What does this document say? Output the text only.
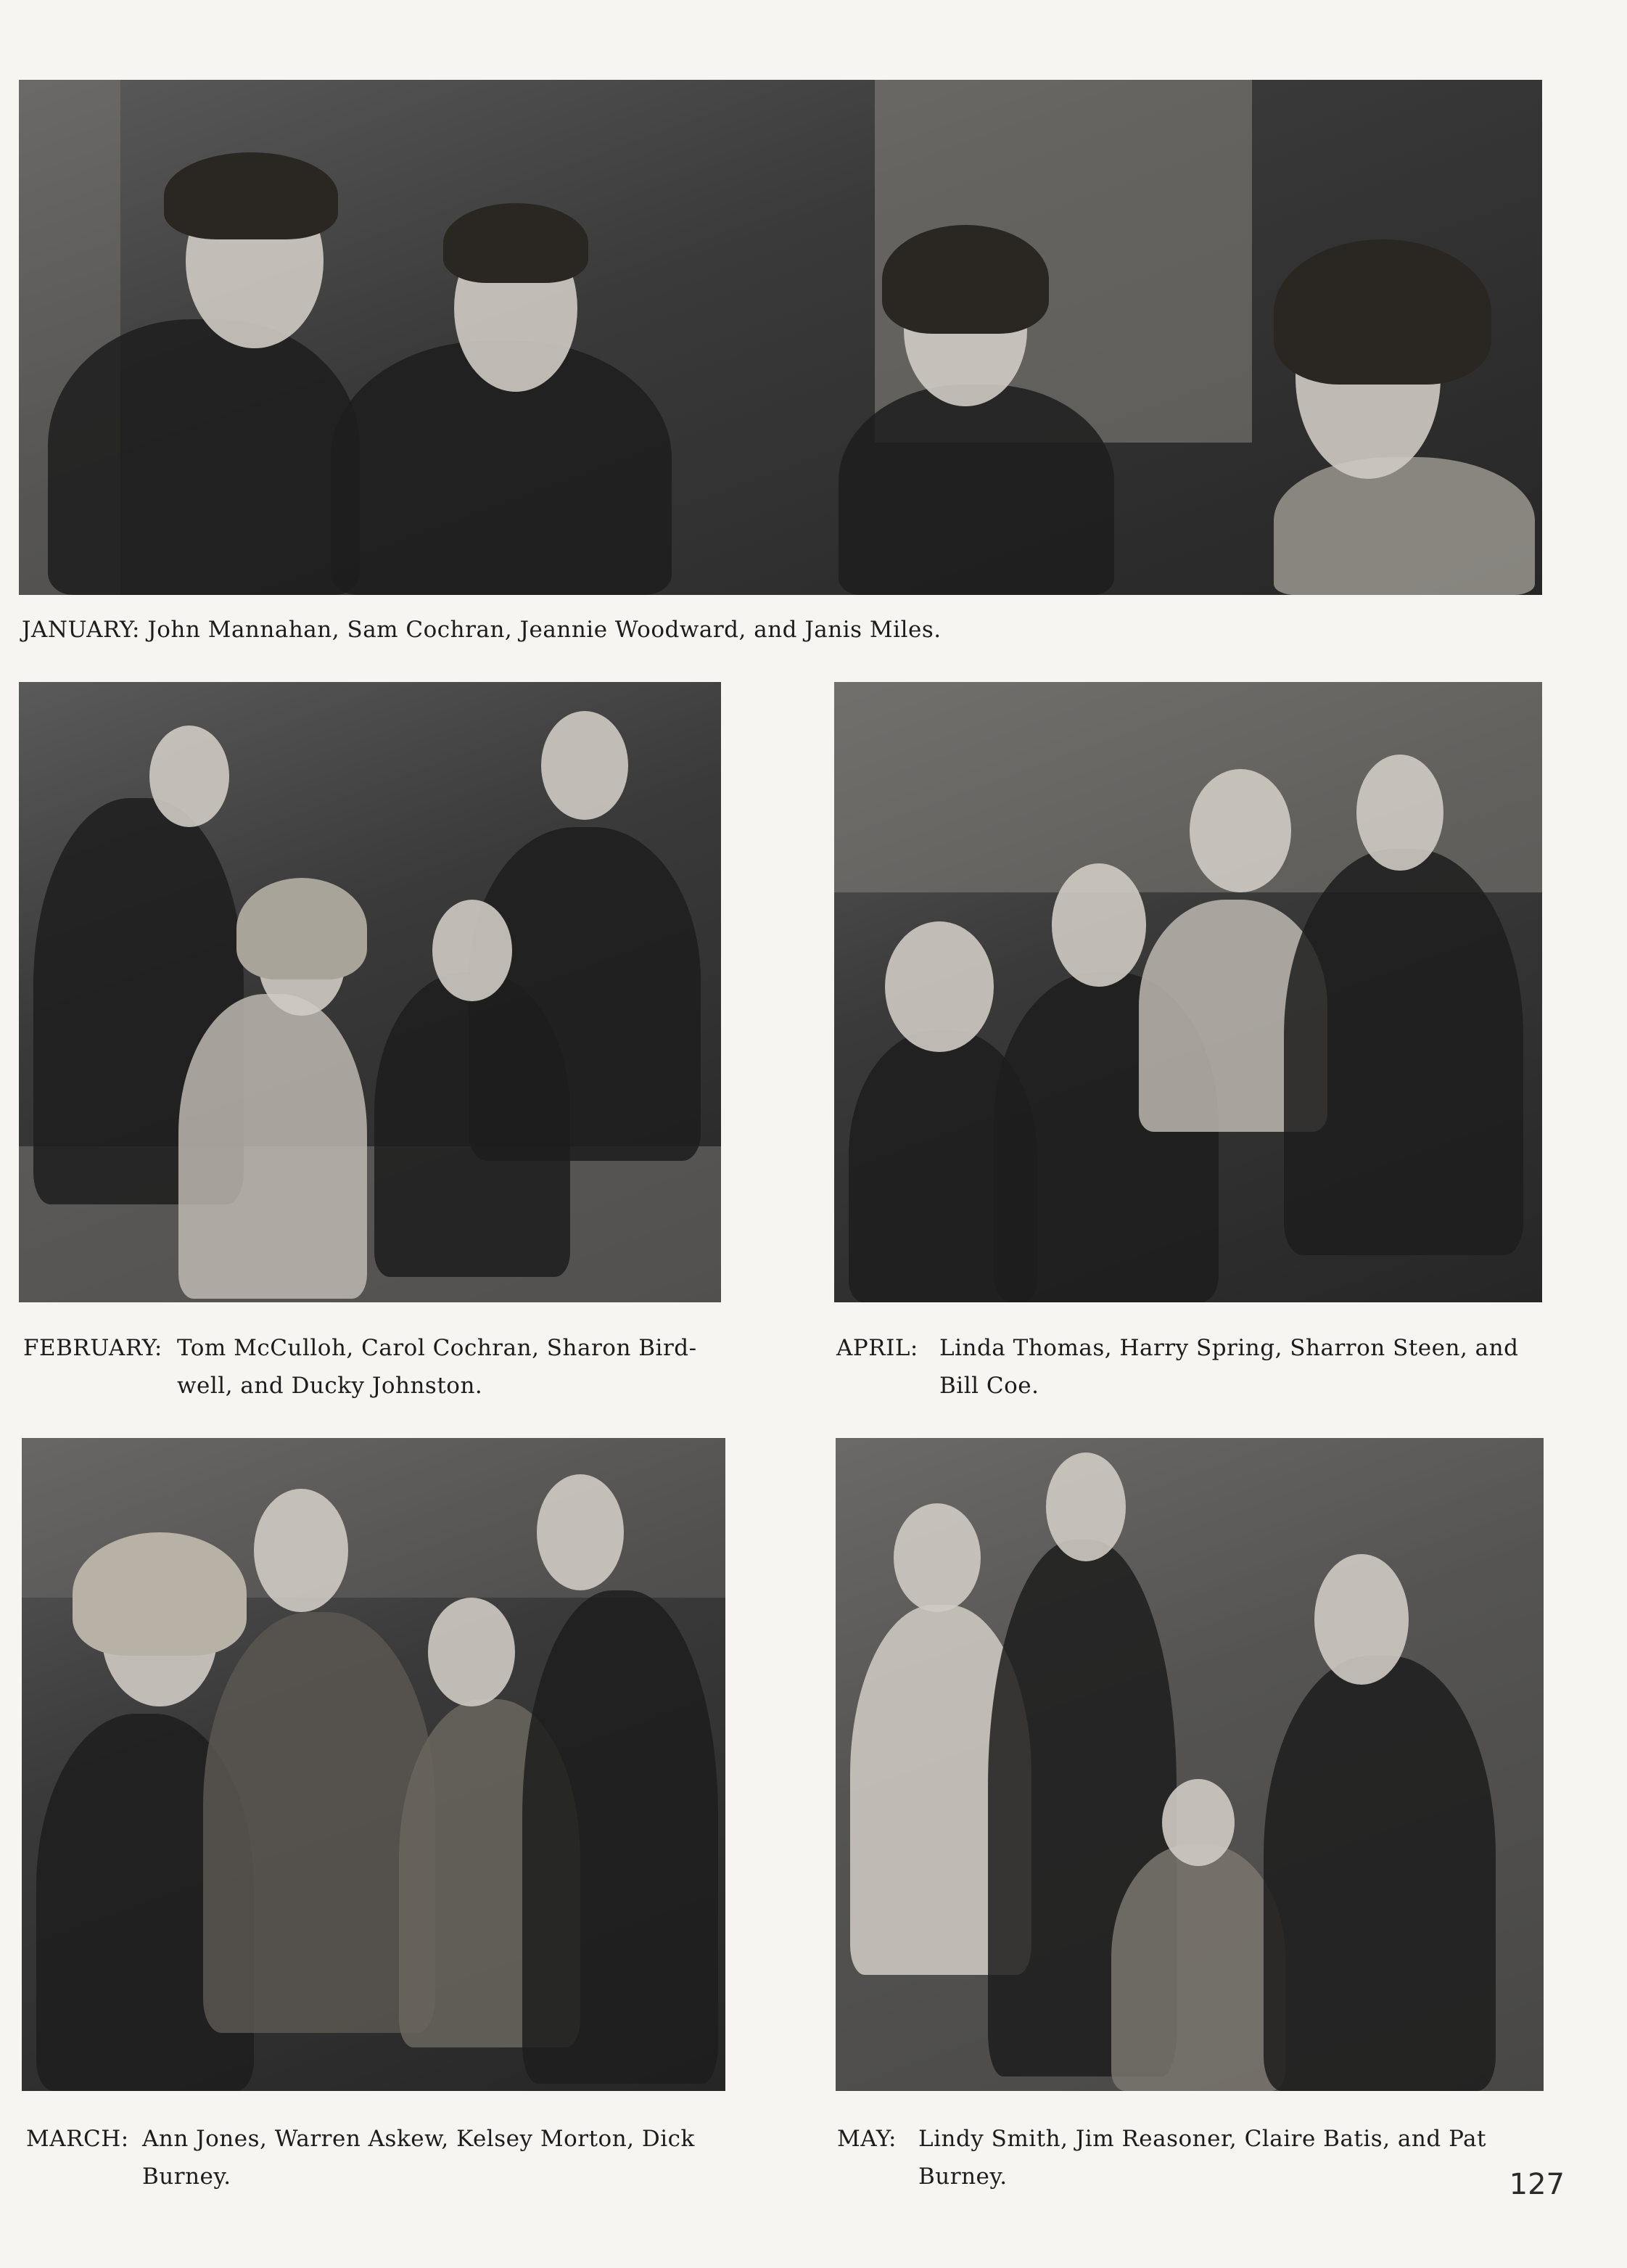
JANUARY: John Mannahan, Sam Cochran, Jeannie Woodward, and Janis Miles.
FEBRUARY: Tom McCulloh, Carol Cochran, Sharon Bird-
well, and Ducky Johnston.
APRIL: Linda Thomas, Harry Spring, Sharron Steen, and
Bill Coe.
MARCH: Ann Jones, Warren Askew, Kelsey Morton, Dick
Burney.
MAY: Lindy Smith, Jim Reasoner, Claire Batis, and Pat
Burney.	127
